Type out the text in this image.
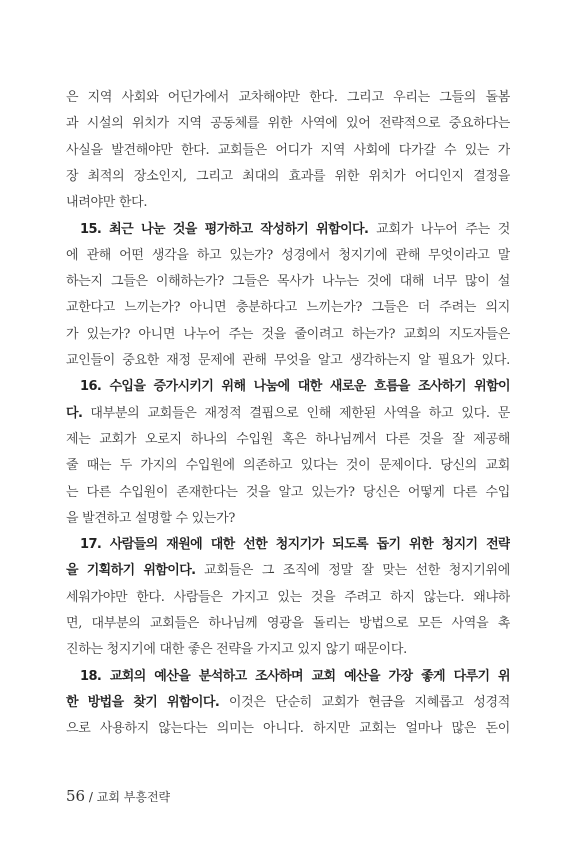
은 지역 사회와 어딘가에서 교차해야만 한다. 그리고 우리는 그들의 돌봄
과 시설의 위치가 지역 공동체를 위한 사역에 있어 전략적으로 중요하다는
사실을 발견해야만 한다. 교회들은 어디가 지역 사회에 다가갈 수 있는 가
장 최적의 장소인지, 그리고 최대의 효과를 위한 위치가 어디인지 결정을
내려야만 한다.
15. 최근 나눈 것을 평가하고 작성하기 위함이다. 교회가 나누어 주는 것
에 관해 어떤 생각을 하고 있는가? 성경에서 청지기에 관해 무엇이라고 말
하는지 그들은 이해하는가? 그들은 목사가 나누는 것에 대해 너무 많이 설
교한다고 느끼는가? 아니면 충분하다고 느끼는가? 그들은 더 주려는 의지
가 있는가? 아니면 나누어 주는 것을 줄이려고 하는가? 교회의 지도자들은
교인들이 중요한 재정 문제에 관해 무엇을 알고 생각하는지 알 필요가 있다.
16. 수입을 증가시키기 위해 나눔에 대한 새로운 흐름을 조사하기 위함이
다. 대부분의 교회들은 재정적 결핍으로 인해 제한된 사역을 하고 있다. 문
제는 교회가 오로지 하나의 수입원 혹은 하나님께서 다른 것을 잘 제공해
줄 때는 두 가지의 수입원에 의존하고 있다는 것이 문제이다. 당신의 교회
는 다른 수입원이 존재한다는 것을 알고 있는가? 당신은 어떻게 다른 수입
을 발견하고 설명할 수 있는가?
17. 사람들의 재원에 대한 선한 청지기가 되도록 돕기 위한 청지기 전략
을 기획하기 위함이다. 교회들은 그 조직에 정말 잘 맞는 선한 청지기위에
세워가야만 한다. 사람들은 가지고 있는 것을 주려고 하지 않는다. 왜냐하
면, 대부분의 교회들은 하나님께 영광을 돌리는 방법으로 모든 사역을 촉
진하는 청지기에 대한 좋은 전략을 가지고 있지 않기 때문이다.
18. 교회의 예산을 분석하고 조사하며 교회 예산을 가장 좋게 다루기 위
한 방법을 찾기 위함이다. 이것은 단순히 교회가 현금을 지혜롭고 성경적
으로 사용하지 않는다는 의미는 아니다. 하지만 교회는 얼마나 많은 돈이
56 / 교회 부흥전략
